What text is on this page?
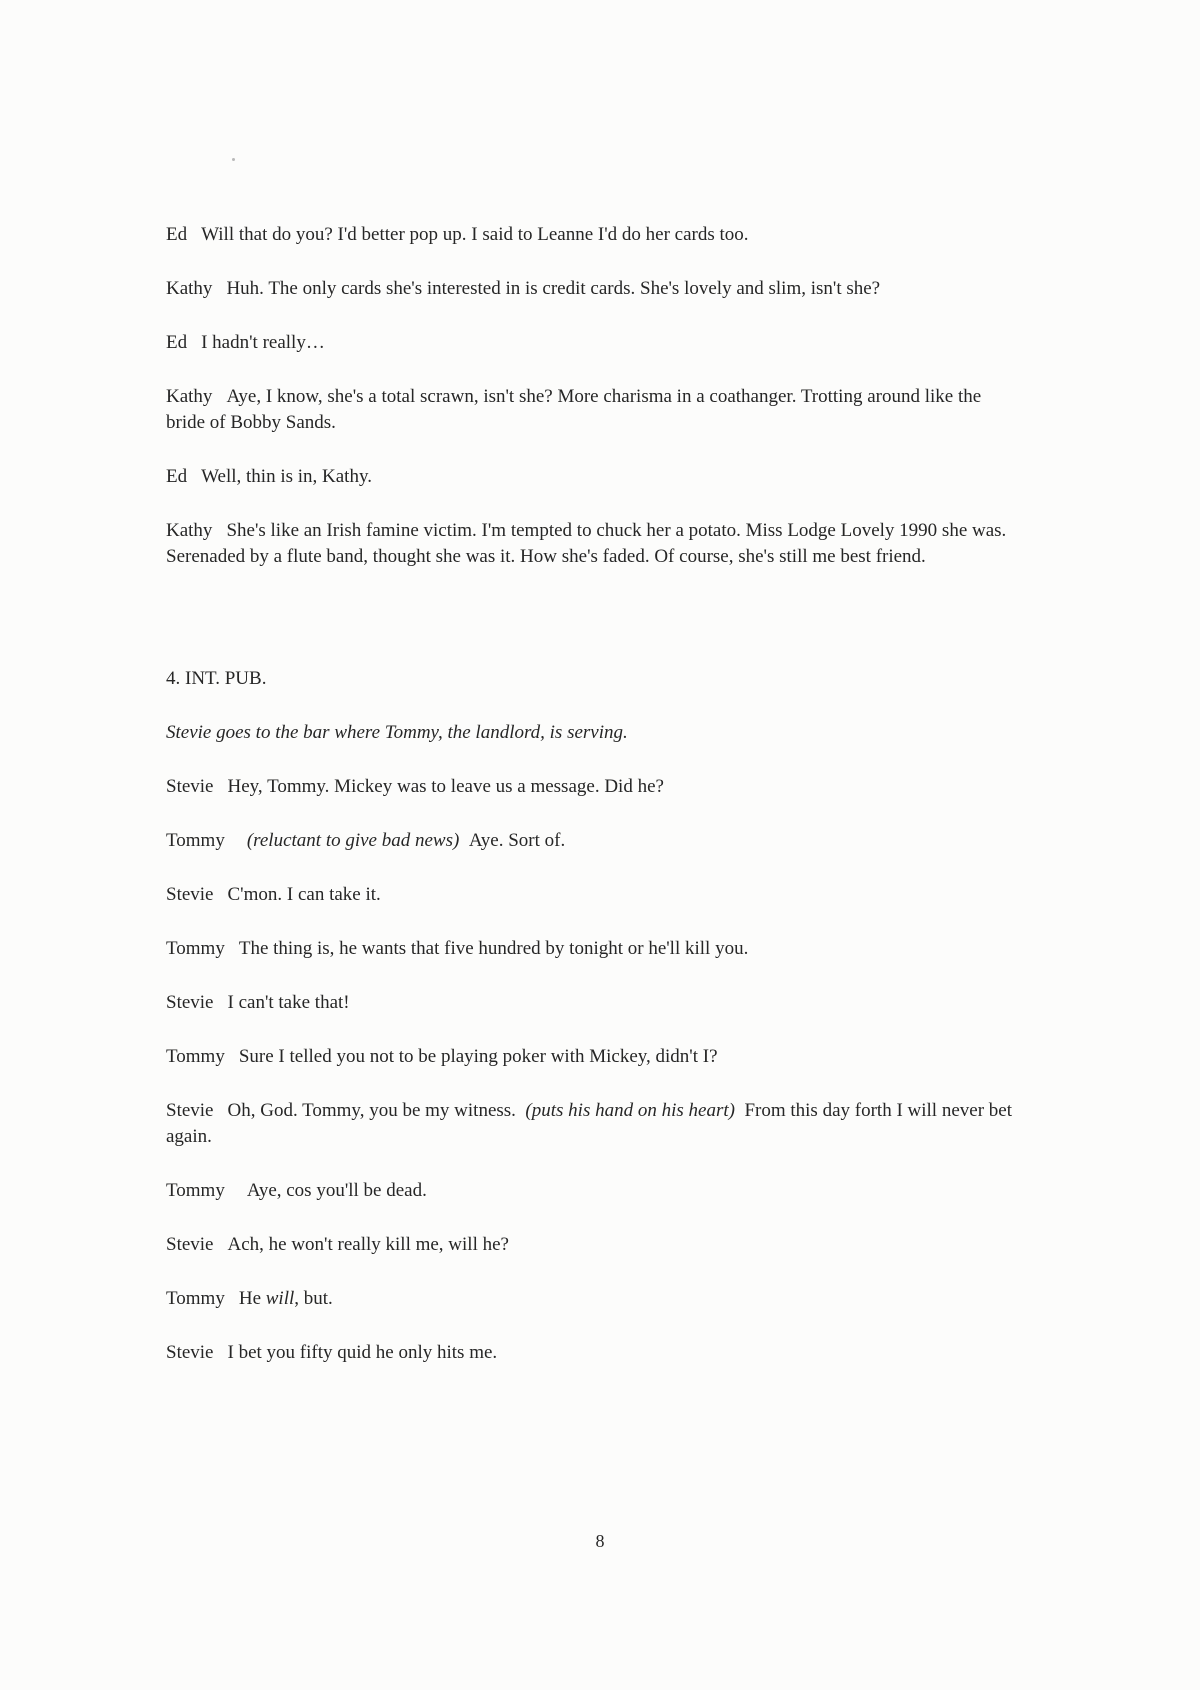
Ed Will that do you? I'd better pop up. I said to Leanne I'd do her cards too.

Kathy Huh. The only cards she's interested in is credit cards. She's lovely and slim, isn't she?

Ed I hadn't really…

Kathy Aye, I know, she's a total scrawn, isn't she? More charisma in a coathanger. Trotting around like the bride of Bobby Sands.

Ed Well, thin is in, Kathy.

Kathy She's like an Irish famine victim. I'm tempted to chuck her a potato. Miss Lodge Lovely 1990 she was. Serenaded by a flute band, thought she was it. How she's faded. Of course, she's still me best friend.

4. INT. PUB.

Stevie goes to the bar where Tommy, the landlord, is serving.

Stevie Hey, Tommy. Mickey was to leave us a message. Did he?

Tommy (reluctant to give bad news) Aye. Sort of.

Stevie C'mon. I can take it.

Tommy The thing is, he wants that five hundred by tonight or he'll kill you.

Stevie I can't take that!

Tommy Sure I telled you not to be playing poker with Mickey, didn't I?

Stevie Oh, God. Tommy, you be my witness. (puts his hand on his heart) From this day forth I will never bet again.

Tommy Aye, cos you'll be dead.

Stevie Ach, he won't really kill me, will he?

Tommy He will, but.

Stevie I bet you fifty quid he only hits me.

8
